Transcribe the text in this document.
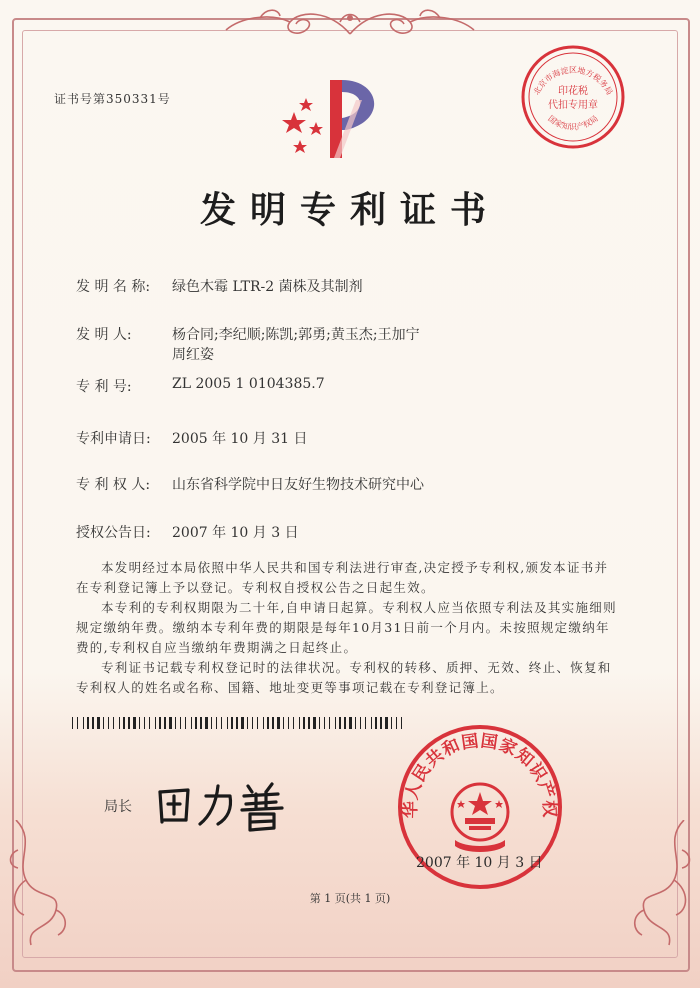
证书号第350331号
北京市海淀区地方税务局
印花税
代扣专用章
国家知识产权局
发明专利证书
发 明 名 称: 绿色木霉 LTR-2 菌株及其制剂
发 明 人:	杨合同;李纪顺;陈凯;郭勇;黄玉杰;王加宁
周红姿
专 利 号:	ZL 2005 1 0104385.7
专利申请日: 2005 年 10 月 31 日
专 利 权 人: 山东省科学院中日友好生物技术研究中心
授权公告日: 2007 年 10 月 3 日

本发明经过本局依照中华人民共和国专利法进行审查,决定授予专利权,颁发本证书并在专利登记簿上予以登记。专利权自授权公告之日起生效。

本专利的专利权期限为二十年,自申请日起算。专利权人应当依照专利法及其实施细则规定缴纳年费。缴纳本专利年费的期限是每年10月31日前一个月内。未按照规定缴纳年费的,专利权自应当缴纳年费期满之日起终止。

专利证书记载专利权登记时的法律状况。专利权的转移、质押、无效、终止、恢复和专利权人的姓名或名称、国籍、地址变更等事项记载在专利登记簿上。

局长	华人民共和国国家知识产权
2007 年 10 月 3 日
第 1 页(共 1 页)
